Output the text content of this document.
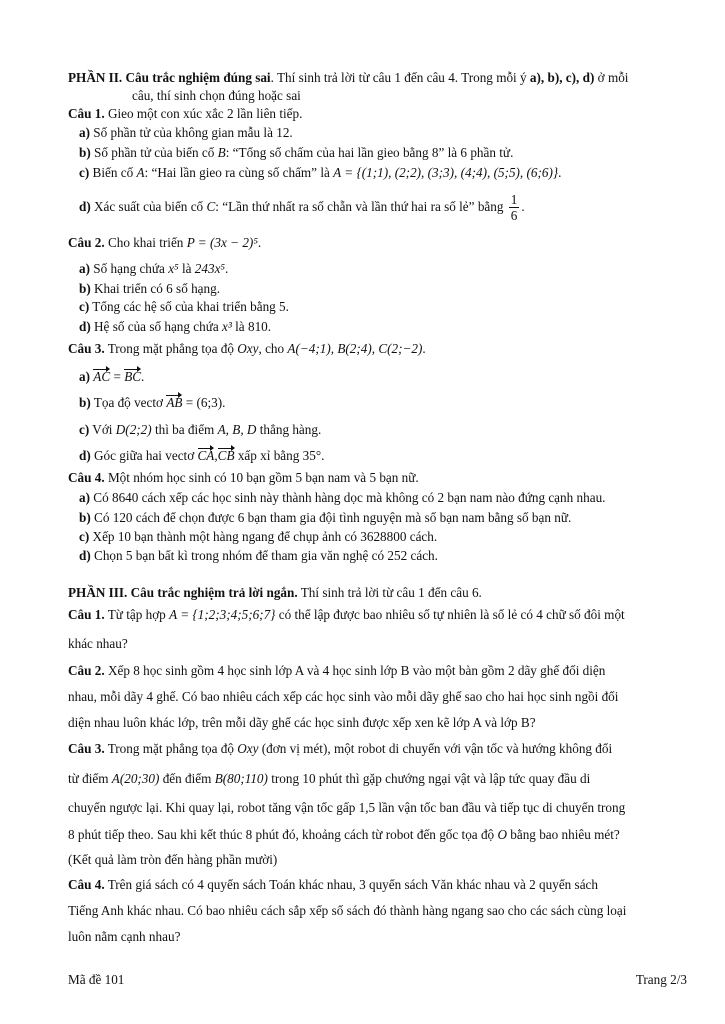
PHẦN II. Câu trắc nghiệm đúng sai. Thí sinh trả lời từ câu 1 đến câu 4. Trong mỗi ý a), b), c), d) ở mỗi
câu, thí sinh chọn đúng hoặc sai
Câu 1. Gieo một con xúc xắc 2 lần liên tiếp.
a) Số phần tử của không gian mẫu là 12.
b) Số phần tử của biến cố B: “Tổng số chấm của hai lần gieo bằng 8” là 6 phần tử.
c) Biến cố A: “Hai lần gieo ra cùng số chấm” là A = {(1;1), (2;2), (3;3), (4;4), (5;5), (6;6)}.
d) Xác suất của biến cố C: “Lần thứ nhất ra số chẵn và lần thứ hai ra số lẻ” bằng $\frac{1}{6}$ .
Câu 2. Cho khai triển P = (3x − 2)⁵.
a) Số hạng chứa x⁵ là 243x⁵.
b) Khai triển có 6 số hạng.
c) Tổng các hệ số của khai triển bằng 5.
d) Hệ số của số hạng chứa x³ là 810.
Câu 3. Trong mặt phẳng tọa độ Oxy, cho A(−4;1), B(2;4), C(2;−2).
a) AC = BC.
b) Tọa độ vectơ AB = (6;3).
c) Với D(2;2) thì ba điểm A, B, D thẳng hàng.
d) Góc giữa hai vectơ CA,CB xấp xỉ bằng 35°.
Câu 4. Một nhóm học sinh có 10 bạn gồm 5 bạn nam và 5 bạn nữ.
a) Có 8640 cách xếp các học sinh này thành hàng dọc mà không có 2 bạn nam nào đứng cạnh nhau.
b) Có 120 cách để chọn được 6 bạn tham gia đội tình nguyện mà số bạn nam bằng số bạn nữ.
c) Xếp 10 bạn thành một hàng ngang để chụp ảnh có 3628800 cách.
d) Chọn 5 bạn bất kì trong nhóm để tham gia văn nghệ có 252 cách.
PHẦN III. Câu trắc nghiệm trả lời ngắn. Thí sinh trả lời từ câu 1 đến câu 6.
Câu 1. Từ tập hợp A = {1;2;3;4;5;6;7} có thể lập được bao nhiêu số tự nhiên là số lẻ có 4 chữ số đôi một
khác nhau?
Câu 2. Xếp 8 học sinh gồm 4 học sinh lớp A và 4 học sinh lớp B vào một bàn gồm 2 dãy ghế đối diện
nhau, mỗi dãy 4 ghế. Có bao nhiêu cách xếp các học sinh vào mỗi dãy ghế sao cho hai học sinh ngồi đối
diện nhau luôn khác lớp, trên mỗi dãy ghế các học sinh được xếp xen kẽ lớp A và lớp B?
Câu 3. Trong mặt phẳng tọa độ Oxy (đơn vị mét), một robot di chuyển với vận tốc và hướng không đổi
từ điểm A(20;30) đến điểm B(80;110) trong 10 phút thì gặp chướng ngại vật và lập tức quay đầu di
chuyển ngược lại. Khi quay lại, robot tăng vận tốc gấp 1,5 lần vận tốc ban đầu và tiếp tục di chuyển trong
8 phút tiếp theo. Sau khi kết thúc 8 phút đó, khoảng cách từ robot đến gốc tọa độ O bằng bao nhiêu mét?
(Kết quả làm tròn đến hàng phần mười)
Câu 4. Trên giá sách có 4 quyển sách Toán khác nhau, 3 quyển sách Văn khác nhau và 2 quyển sách
Tiếng Anh khác nhau. Có bao nhiêu cách sắp xếp số sách đó thành hàng ngang sao cho các sách cùng loại
luôn nằm cạnh nhau?
Mã đề 101	Trang 2/3
